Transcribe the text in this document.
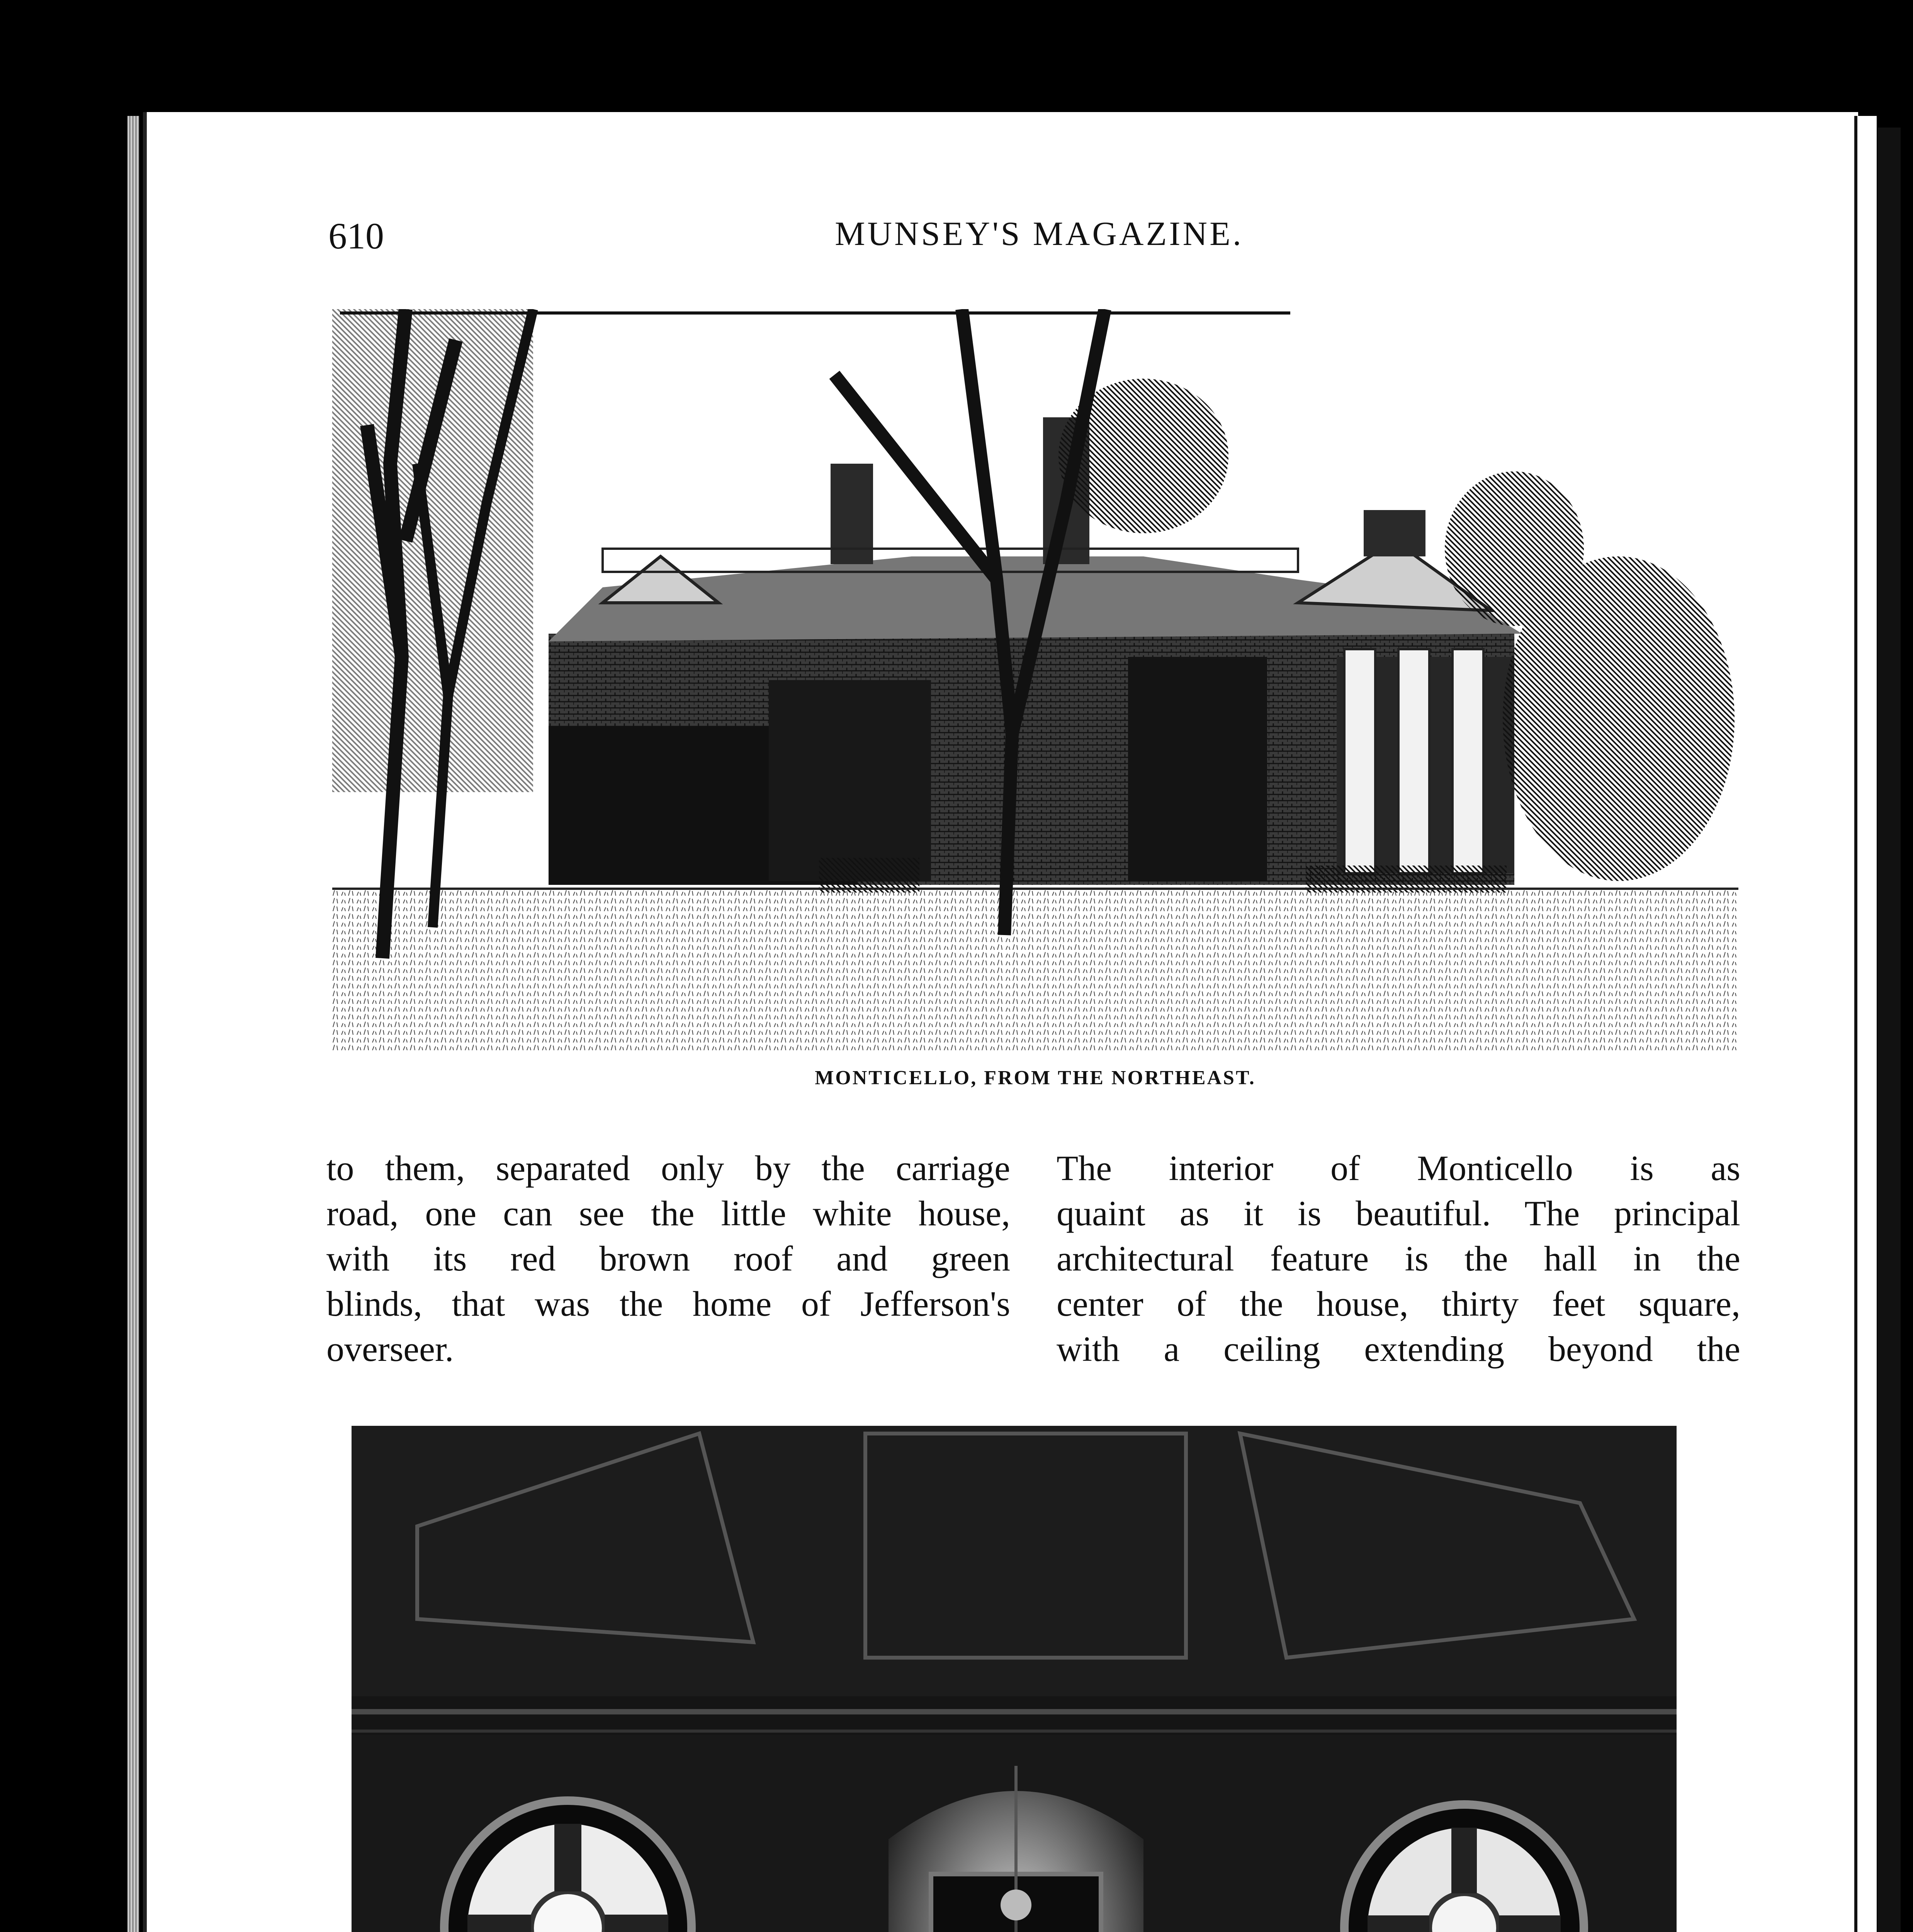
610	MUNSEY'S MAGAZINE.
MONTICELLO, FROM THE NORTHEAST.
to them, separated only by the carriage
road, one can see the little white house,
with its red brown roof and green
blinds, that was the home of Jefferson's
overseer.
The interior of Monticello is as
quaint as it is beautiful. The principal
architectural feature is the hall in the
center of the house, thirty feet square,
with a ceiling extending beyond the
